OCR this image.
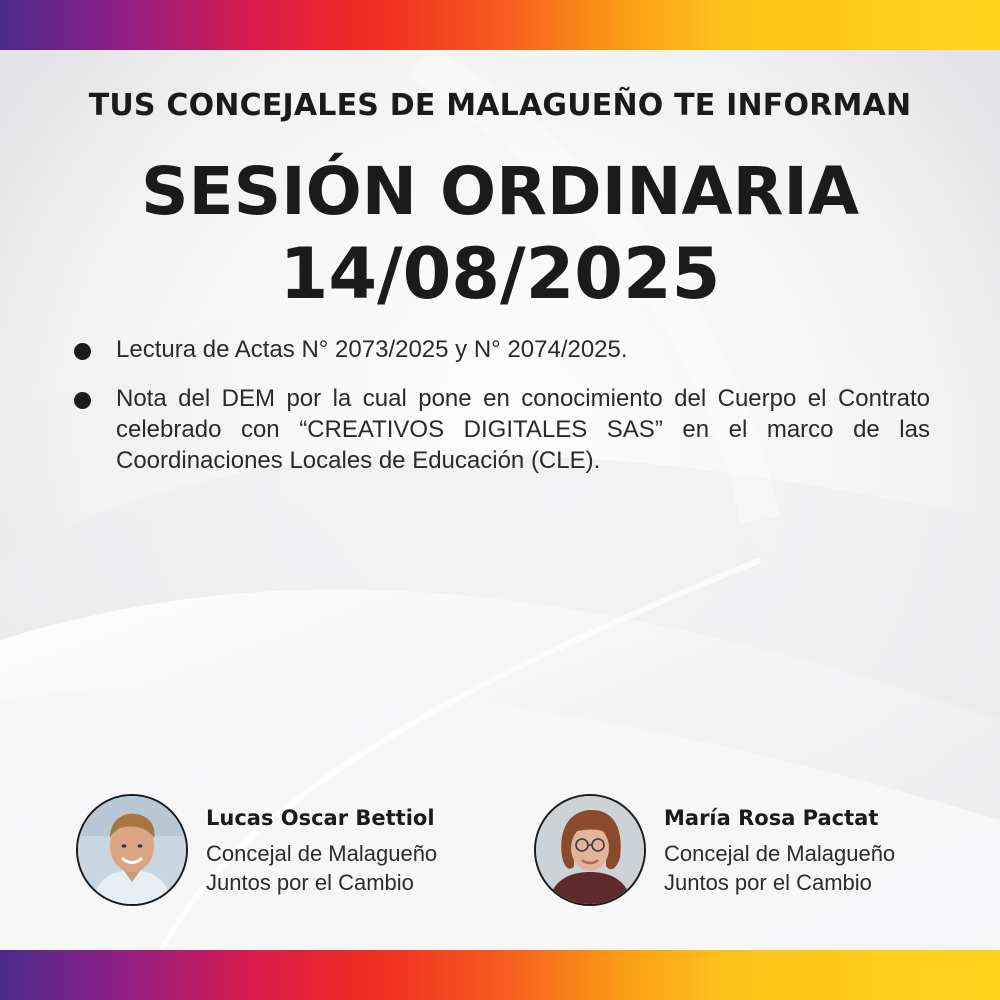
TUS CONCEJALES DE MALAGUEÑO TE INFORMAN
SESIÓN ORDINARIA
14/08/2025
Lectura de Actas N° 2073/2025 y N° 2074/2025.
Nota del DEM por la cual pone en conocimiento del Cuerpo el Contrato celebrado con “CREATIVOS DIGITALES SAS” en el marco de las Coordinaciones Locales de Educación (CLE).
Lucas Oscar Bettiol
Concejal de Malagueño
Juntos por el Cambio
María Rosa Pactat
Concejal de Malagueño
Juntos por el Cambio
